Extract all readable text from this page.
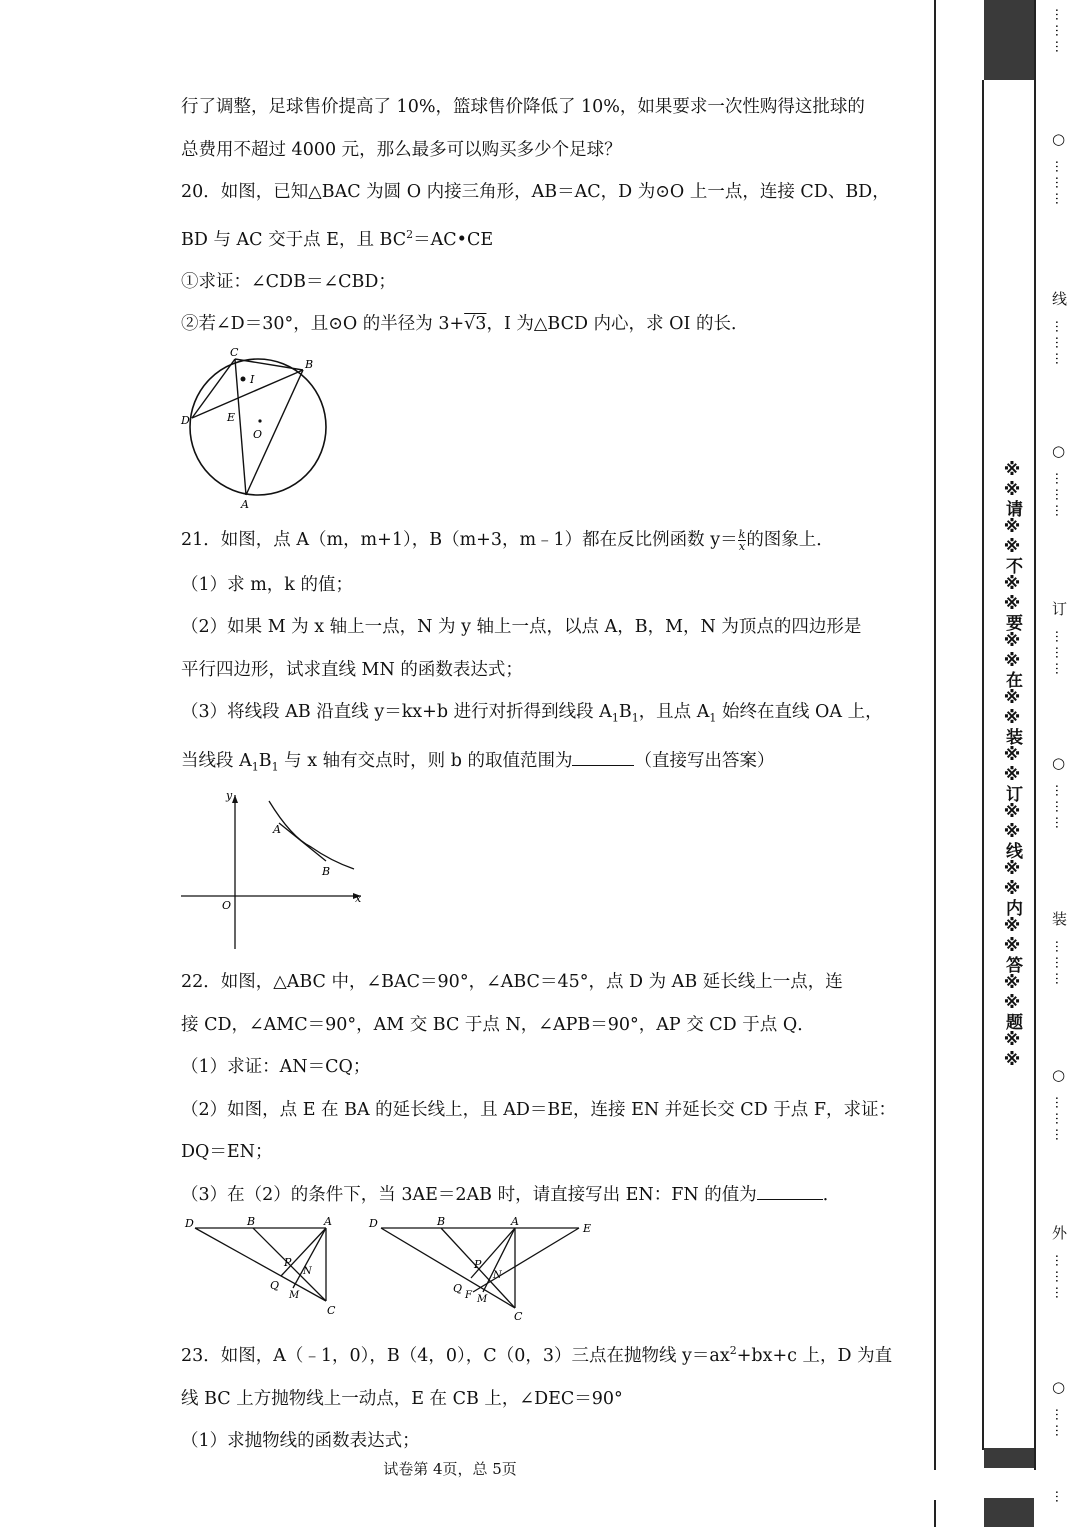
行了调整，足球售价提高了 10%，篮球售价降低了 10%，如果要求一次性购得这批球的

总费用不超过 4000 元，那么最多可以购买多少个足球？

20．如图，已知△BAC 为圆 O 内接三角形，AB＝AC，D 为⊙O 上一点，连接 CD、BD，

BD 与 AC 交于点 E，且 $BC^2=AC•CE$

①求证：∠CDB＝∠CBD；

②若∠D＝30°，且⊙O 的半径为 3+√3，I 为△BCD 内心，求 OI 的长．

C
B
I
D	E
O
A

21．如图，点 A（m，m+1），B（m+3，m﹣1）都在反比例函数 $y= \frac{k}{x}$ 的图象上．

（1）求 m，k 的值；

（2）如果 M 为 x 轴上一点，N 为 y 轴上一点，以点 A，B，M，N 为顶点的四边形是

平行四边形，试求直线 MN 的函数表达式；

（3）将线段 AB 沿直线 y＝kx+b 进行对折得到线段 $A_1B_1$，且点 $A_1$ 始终在直线 OA 上，

当线段 $A_1B_1$ 与 x 轴有交点时，则 b 的取值范围为	（直接写出答案）

y
x
O
A
B

22．如图，△ABC 中，∠BAC＝90°，∠ABC＝45°，点 D 为 AB 延长线上一点，连

接 CD，∠AMC＝90°，AM 交 BC 于点 N，∠APB＝90°，AP 交 CD 于点 Q．

（1）求证：AN＝CQ；

（2）如图，点 E 在 BA 的延长线上，且 AD＝BE，连接 EN 并延长交 CD 于点 F，求证：

DQ＝EN；

（3）在（2）的条件下，当 3AE＝2AB 时，请直接写出 EN：FN 的值为	．

D	B	A
P
N
Q
M
C
D	B	A
E
P
N
Q
F M
C

23．如图，A（﹣1，0），B（4，0），C（0，3）三点在抛物线 $y=ax^2+bx+c$ 上，D 为直

线 BC 上方抛物线上一动点，E 在 CB 上，∠DEC＝90°

（1）求抛物线的函数表达式；

试卷第 4页，总 5页
※※请※※不※※要※※在※※装※※订※※线※※内※※答※※题※※
………
○
………
线
………
○
………
订
………
○
………
装
………
○
………
外
………
○
……
…
